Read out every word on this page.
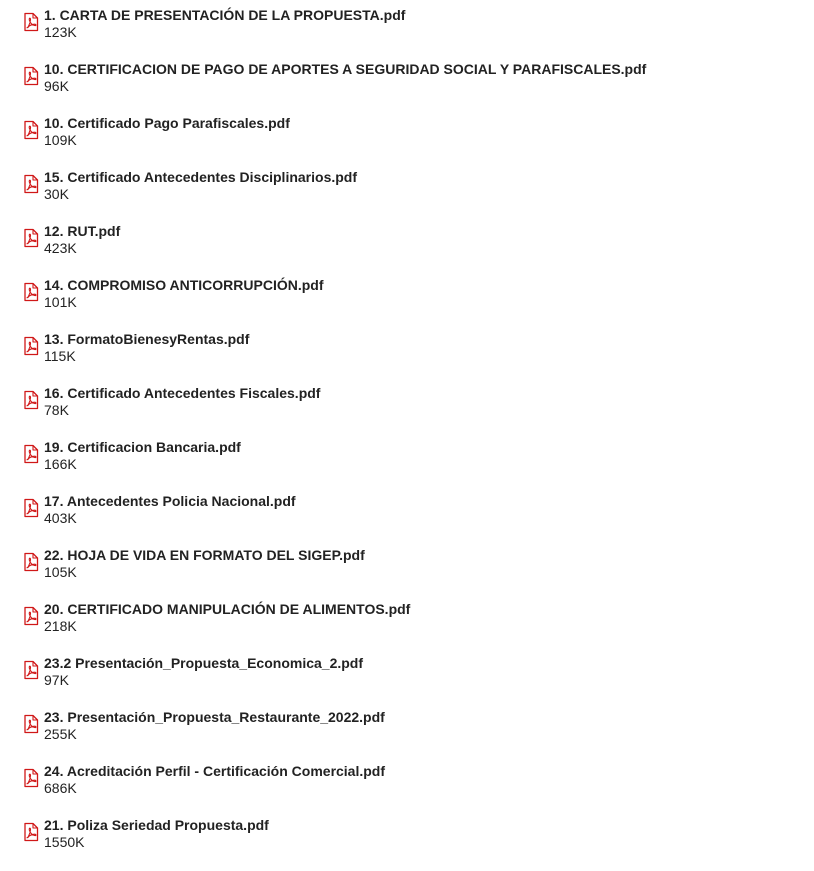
1. CARTA DE PRESENTACIÓN DE LA PROPUESTA.pdf
123K
10. CERTIFICACION DE PAGO DE APORTES A SEGURIDAD SOCIAL Y PARAFISCALES.pdf
96K
10. Certificado Pago Parafiscales.pdf
109K
15. Certificado Antecedentes Disciplinarios.pdf
30K
12. RUT.pdf
423K
14. COMPROMISO ANTICORRUPCIÓN.pdf
101K
13. FormatoBienesyRentas.pdf
115K
16. Certificado Antecedentes Fiscales.pdf
78K
19. Certificacion Bancaria.pdf
166K
17. Antecedentes Policia Nacional.pdf
403K
22. HOJA DE VIDA EN FORMATO DEL SIGEP.pdf
105K
20. CERTIFICADO MANIPULACIÓN DE ALIMENTOS.pdf
218K
23.2 Presentación_Propuesta_Economica_2.pdf
97K
23. Presentación_Propuesta_Restaurante_2022.pdf
255K
24. Acreditación Perfil - Certificación Comercial.pdf
686K
21. Poliza Seriedad Propuesta.pdf
1550K
